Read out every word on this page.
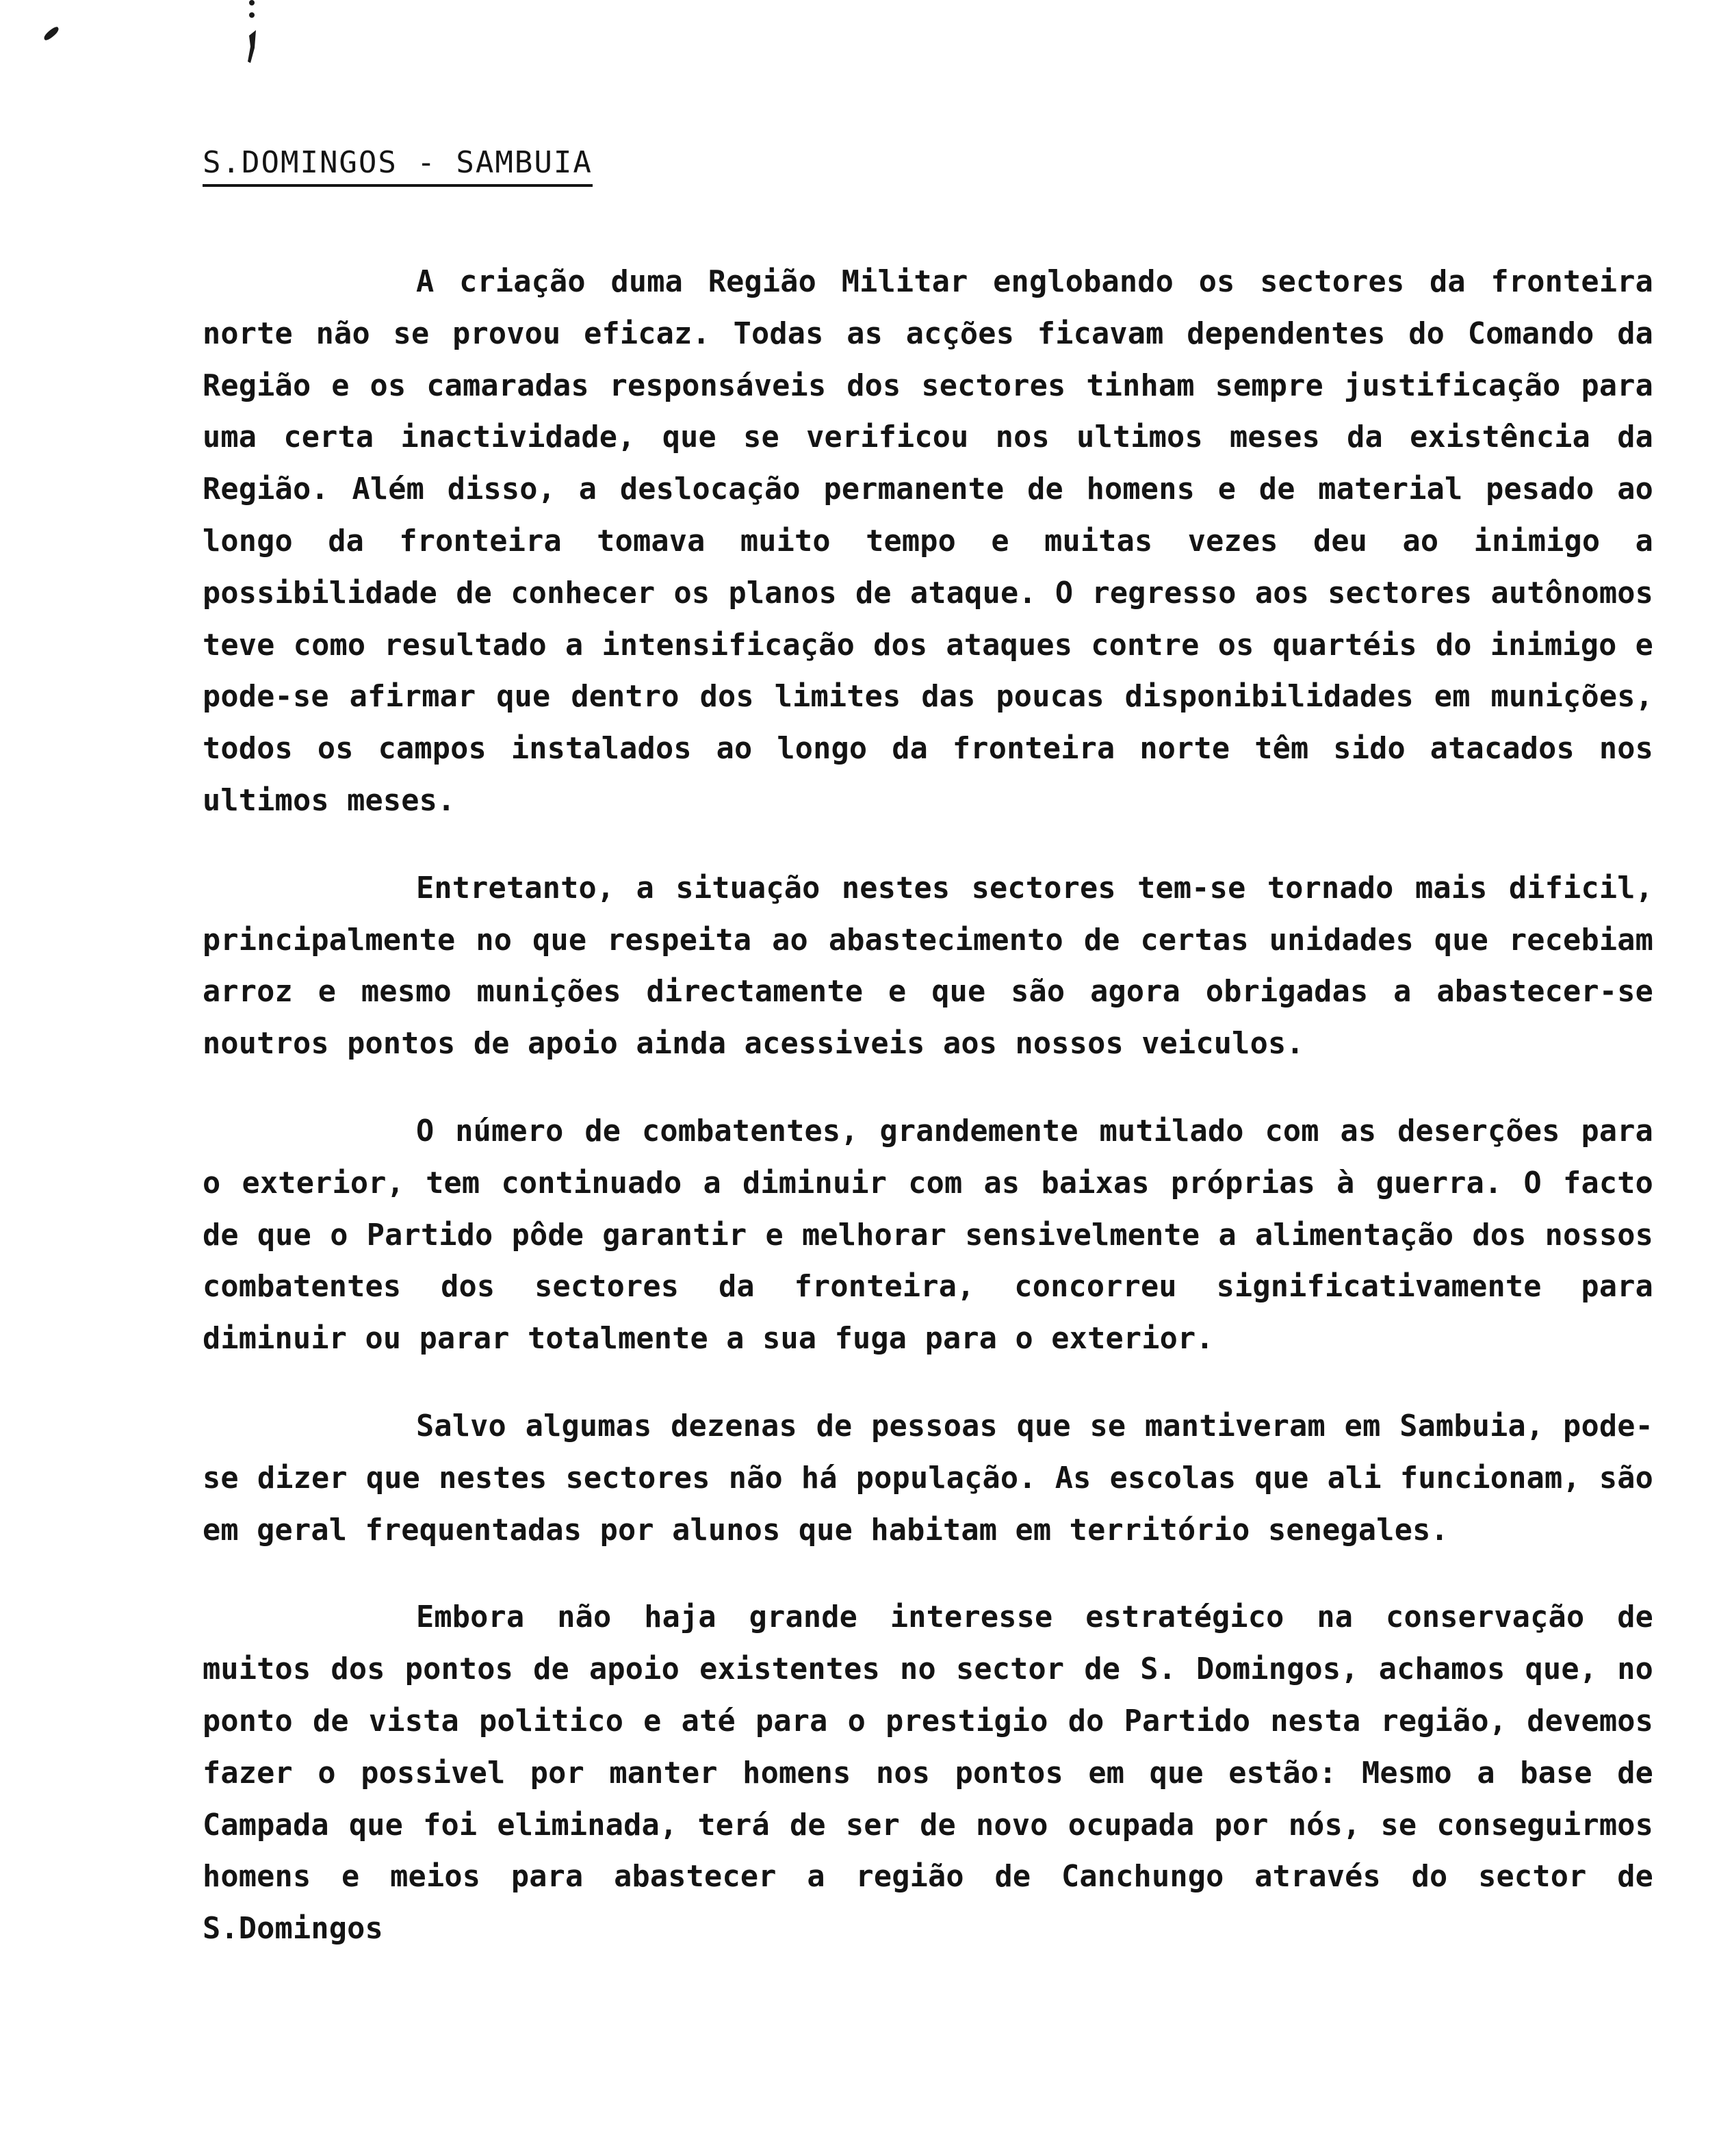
S.DOMINGOS - SAMBUIA

A criação duma Região Militar englobando os sectores da fronteira norte não se provou eficaz. Todas as acções ficavam dependentes do Comando da Região e os camaradas responsáveis dos sectores tinham sempre justificação para uma certa inactividade, que se verificou nos ultimos meses da existência da Região. Além disso, a deslocação permanente de homens e de material pesado ao longo da fronteira tomava muito tempo e muitas vezes deu ao inimigo a possibilidade de conhecer os planos de ataque. O regresso aos sectores autônomos teve como resultado a intensificação dos ataques contre os quartéis do inimigo e pode-se afirmar que dentro dos limites das poucas disponibilidades em munições, todos os campos instalados ao longo da fronteira norte têm sido atacados nos ultimos meses.

Entretanto, a situação nestes sectores tem-se tornado mais dificil, principalmente no que respeita ao abastecimento de certas unidades que recebiam arroz e mesmo munições directamente e que são agora obrigadas a abastecer-se noutros pontos de apoio ainda acessiveis aos nossos veiculos.

O número de combatentes, grandemente mutilado com as deserções para o exterior, tem continuado a diminuir com as baixas próprias à guerra. O facto de que o Partido pôde garantir e melhorar sensivelmente a alimentação dos nossos combatentes dos sectores da fronteira, concorreu significativamente para diminuir ou parar totalmente a sua fuga para o exterior.

Salvo algumas dezenas de pessoas que se mantiveram em Sambuia, pode-se dizer que nestes sectores não há população. As escolas que ali funcionam, são em geral frequentadas por alunos que habitam em território senegales.

Embora não haja grande interesse estratégico na conservação de muitos dos pontos de apoio existentes no sector de S. Domingos, achamos que, no ponto de vista politico e até para o prestigio do Partido nesta região, devemos fazer o possivel por manter homens nos pontos em que estão: Mesmo a base de Campada que foi eliminada, terá de ser de novo ocupada por nós, se conseguirmos homens e meios para abastecer a região de Canchungo através do sector de S.Domingos
